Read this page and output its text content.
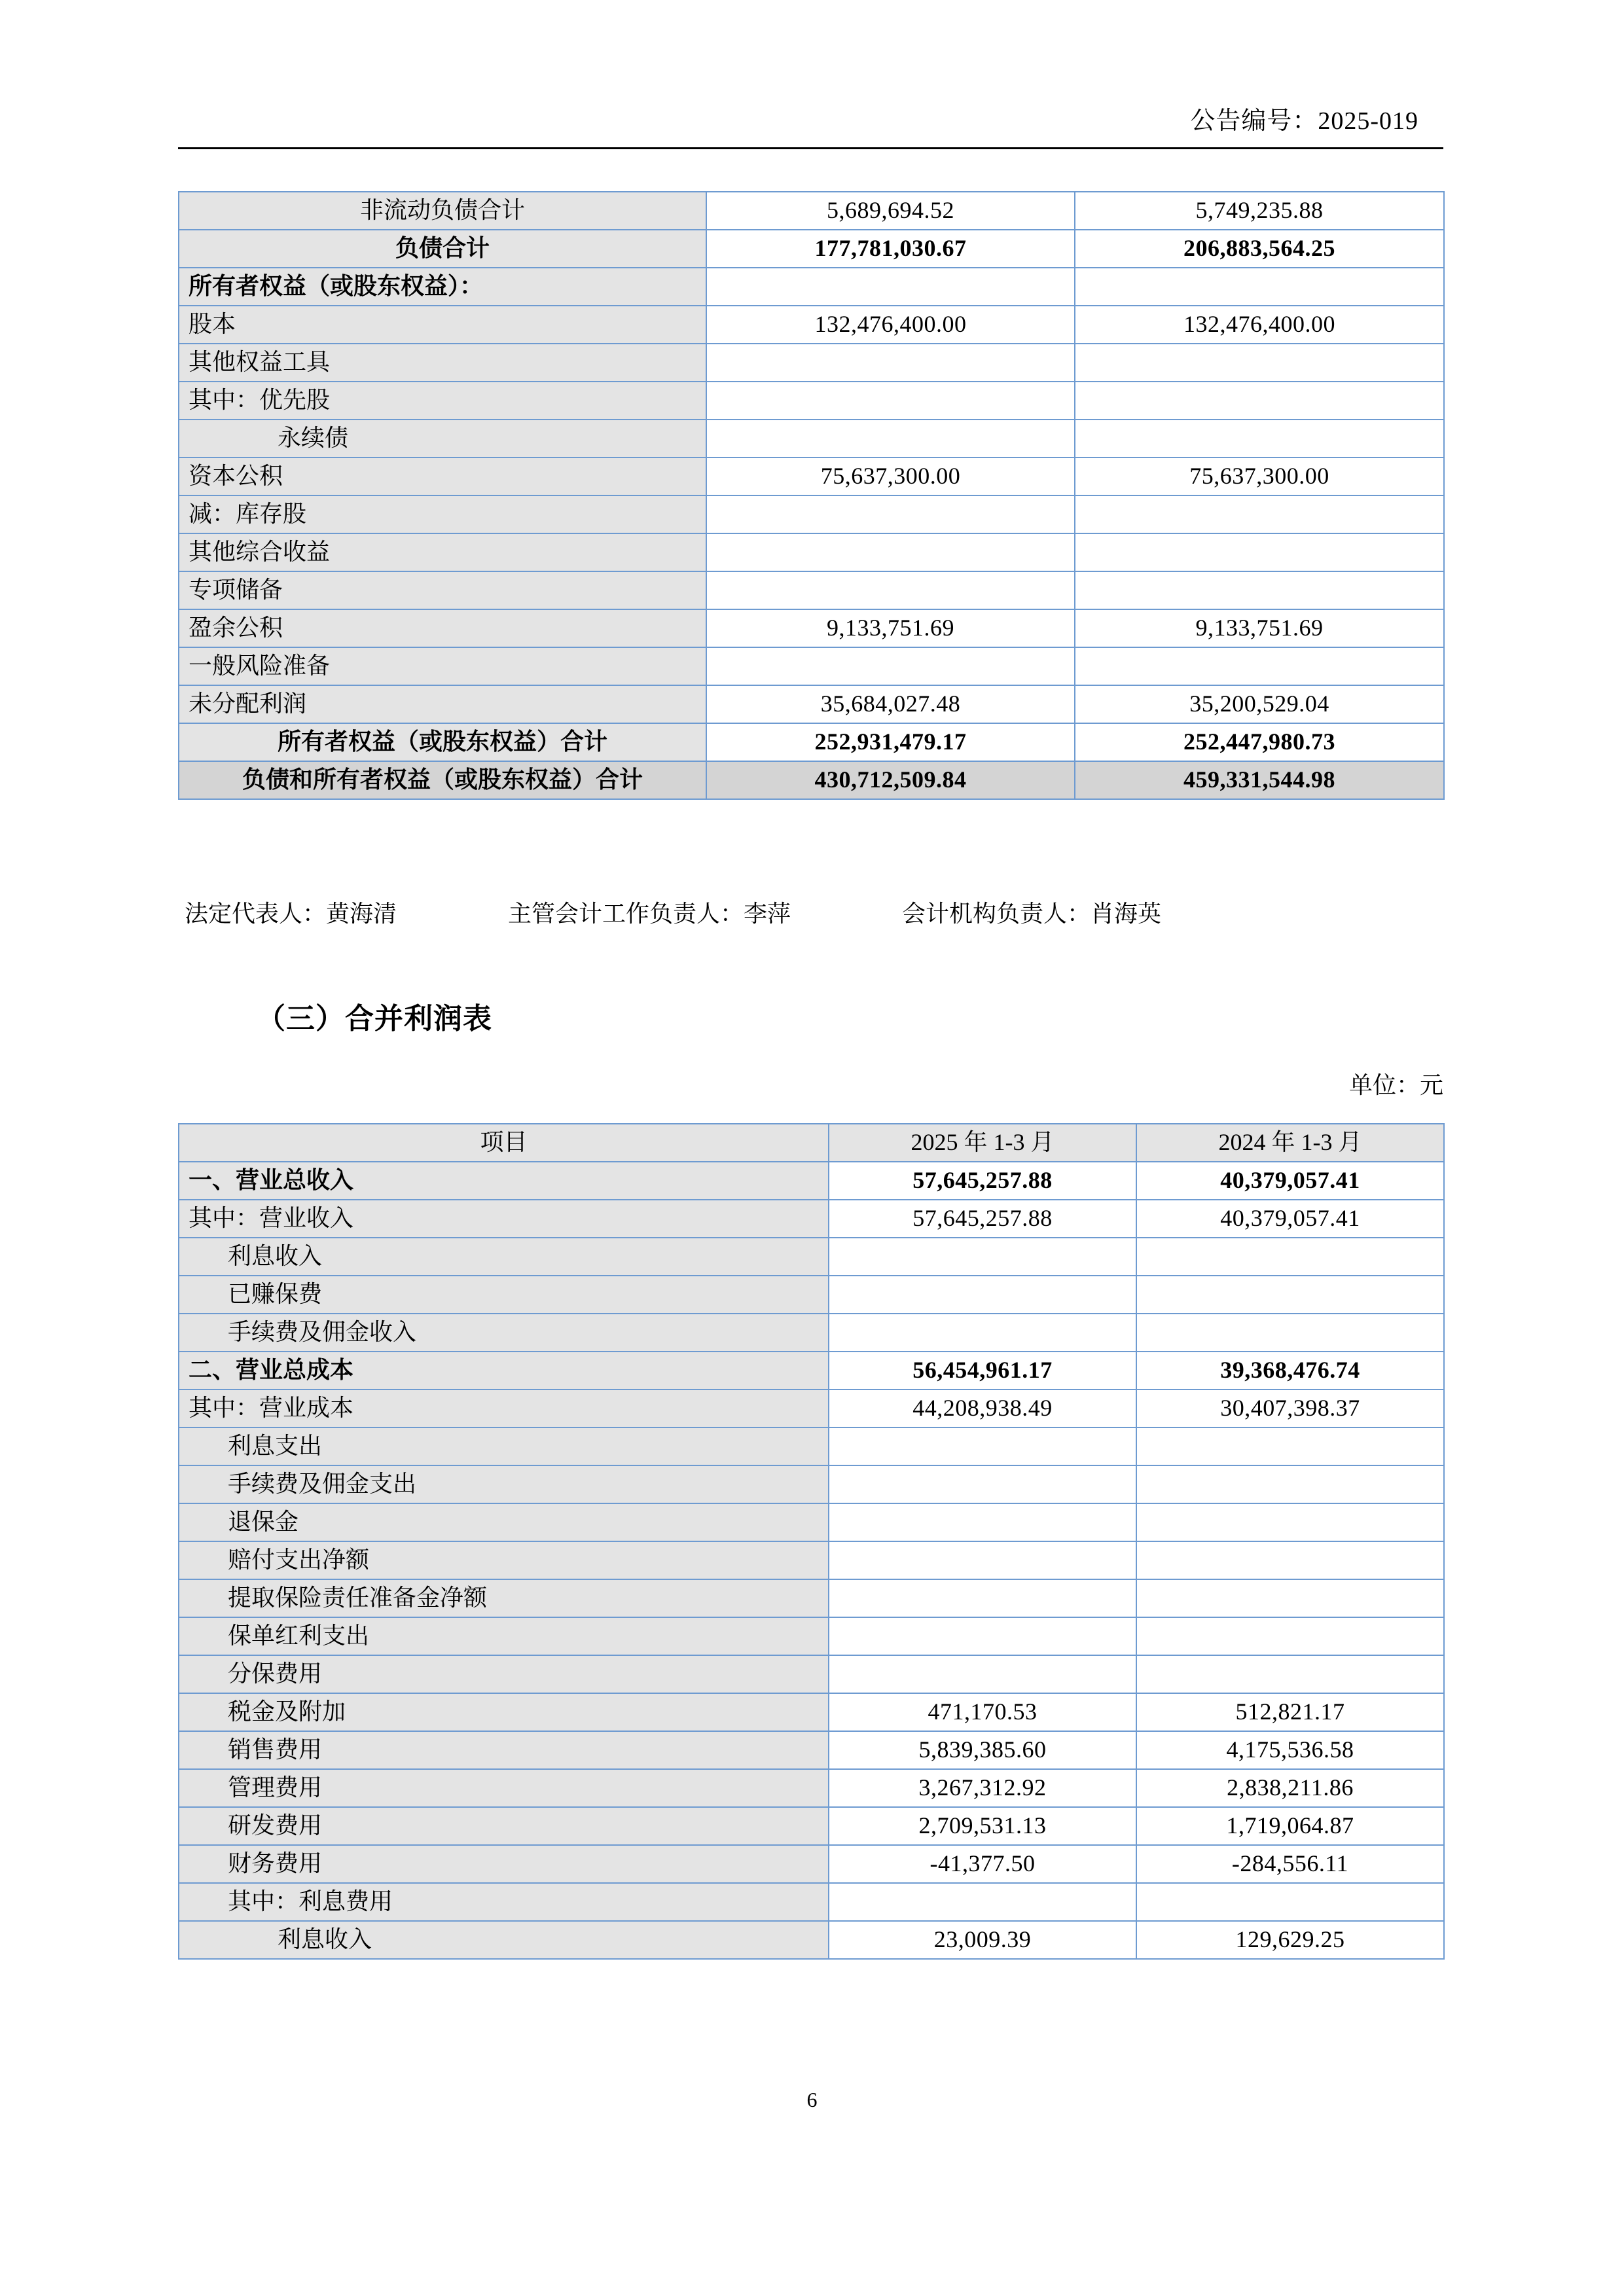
公告编号：2025-019
非流动负债合计	5,689,694.52	5,749,235.88
负债合计	177,781,030.67	206,883,564.25
所有者权益（或股东权益）：		
股本	132,476,400.00	132,476,400.00
其他权益工具		
其中：优先股		
永续债		
资本公积	75,637,300.00	75,637,300.00
减：库存股		
其他综合收益		
专项储备		
盈余公积	9,133,751.69	9,133,751.69
一般风险准备		
未分配利润	35,684,027.48	35,200,529.04
所有者权益（或股东权益）合计	252,931,479.17	252,447,980.73
负债和所有者权益（或股东权益）合计	430,712,509.84	459,331,544.98
法定代表人：黄海清	主管会计工作负责人：李萍	会计机构负责人：肖海英
（三）合并利润表
单位：元
项目	2025 年 1-3 月	2024 年 1-3 月
一、营业总收入	57,645,257.88	40,379,057.41
其中：营业收入	57,645,257.88	40,379,057.41
利息收入		
已赚保费		
手续费及佣金收入		
二、营业总成本	56,454,961.17	39,368,476.74
其中：营业成本	44,208,938.49	30,407,398.37
利息支出		
手续费及佣金支出		
退保金		
赔付支出净额		
提取保险责任准备金净额		
保单红利支出		
分保费用		
税金及附加	471,170.53	512,821.17
销售费用	5,839,385.60	4,175,536.58
管理费用	3,267,312.92	2,838,211.86
研发费用	2,709,531.13	1,719,064.87
财务费用	-41,377.50	-284,556.11
其中：利息费用		
利息收入	23,009.39	129,629.25
6
